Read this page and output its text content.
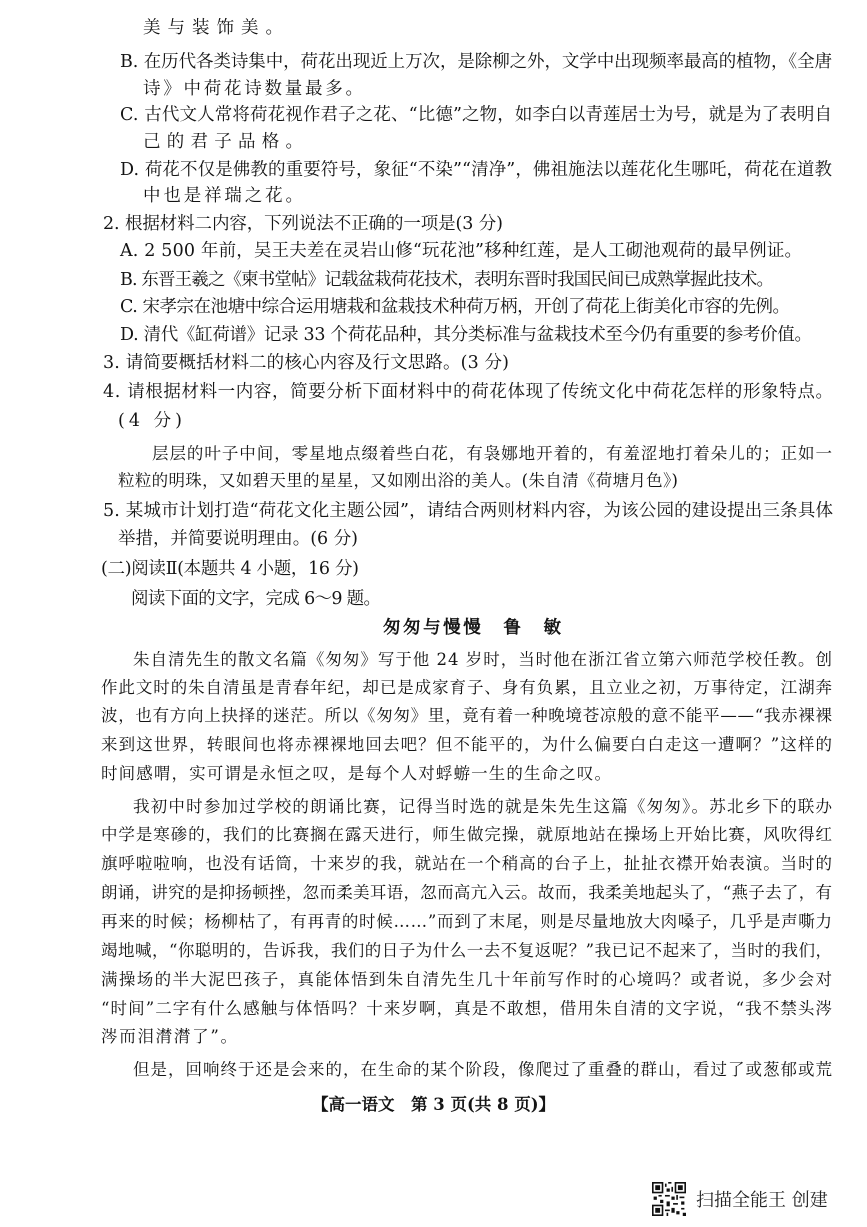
美与装饰美。
B. 在历代各类诗集中，荷花出现近上万次，是除柳之外，文学中出现频率最高的植物，《全唐
诗》中荷花诗数量最多。
C. 古代文人常将荷花视作君子之花、“比德”之物，如李白以青莲居士为号，就是为了表明自
己的君子品格。
D. 荷花不仅是佛教的重要符号，象征“不染”“清净”，佛祖施法以莲花化生哪吒，荷花在道教
中也是祥瑞之花。
2. 根据材料二内容，下列说法不正确的一项是(3 分)
A. 2 500 年前，吴王夫差在灵岩山修“玩花池”移种红莲，是人工砌池观荷的最早例证。
B. 东晋王羲之《柬书堂帖》记载盆栽荷花技术，表明东晋时我国民间已成熟掌握此技术。
C. 宋孝宗在池塘中综合运用塘栽和盆栽技术种荷万柄，开创了荷花上街美化市容的先例。
D. 清代《缸荷谱》记录 33 个荷花品种，其分类标准与盆栽技术至今仍有重要的参考价值。
3. 请简要概括材料二的核心内容及行文思路。(3 分)
4. 请根据材料一内容，简要分析下面材料中的荷花体现了传统文化中荷花怎样的形象特点。
(4 分)
层层的叶子中间，零星地点缀着些白花，有袅娜地开着的，有羞涩地打着朵儿的；正如一
粒粒的明珠，又如碧天里的星星，又如刚出浴的美人。(朱自清《荷塘月色》)
5. 某城市计划打造“荷花文化主题公园”，请结合两则材料内容，为该公园的建设提出三条具体
举措，并简要说明理由。(6 分)
(二)阅读Ⅱ(本题共 4 小题，16 分)
阅读下面的文字，完成 6～9 题。
匆匆与慢慢　鲁　敏
朱自清先生的散文名篇《匆匆》写于他 24 岁时，当时他在浙江省立第六师范学校任教。创
作此文时的朱自清虽是青春年纪，却已是成家育子、身有负累，且立业之初，万事待定，江湖奔
波，也有方向上抉择的迷茫。所以《匆匆》里，竟有着一种晚境苍凉般的意不能平——“我赤裸裸
来到这世界，转眼间也将赤裸裸地回去吧？但不能平的，为什么偏要白白走这一遭啊？”这样的
时间感喟，实可谓是永恒之叹，是每个人对蜉蝣一生的生命之叹。
我初中时参加过学校的朗诵比赛，记得当时选的就是朱先生这篇《匆匆》。苏北乡下的联办
中学是寒碜的，我们的比赛搁在露天进行，师生做完操，就原地站在操场上开始比赛，风吹得红
旗呼啦啦响，也没有话筒，十来岁的我，就站在一个稍高的台子上，扯扯衣襟开始表演。当时的
朗诵，讲究的是抑扬顿挫，忽而柔美耳语，忽而高亢入云。故而，我柔美地起头了，“燕子去了，有
再来的时候；杨柳枯了，有再青的时候……”而到了末尾，则是尽量地放大肉嗓子，几乎是声嘶力
竭地喊，“你聪明的，告诉我，我们的日子为什么一去不复返呢？”我已记不起来了，当时的我们，
满操场的半大泥巴孩子，真能体悟到朱自清先生几十年前写作时的心境吗？或者说，多少会对
“时间”二字有什么感触与体悟吗？十来岁啊，真是不敢想，借用朱自清的文字说，“我不禁头涔
涔而泪潸潸了”。
但是，回响终于还是会来的，在生命的某个阶段，像爬过了重叠的群山，看过了或葱郁或荒
【高一语文　第 3 页(共 8 页)】
扫描全能王 创建
